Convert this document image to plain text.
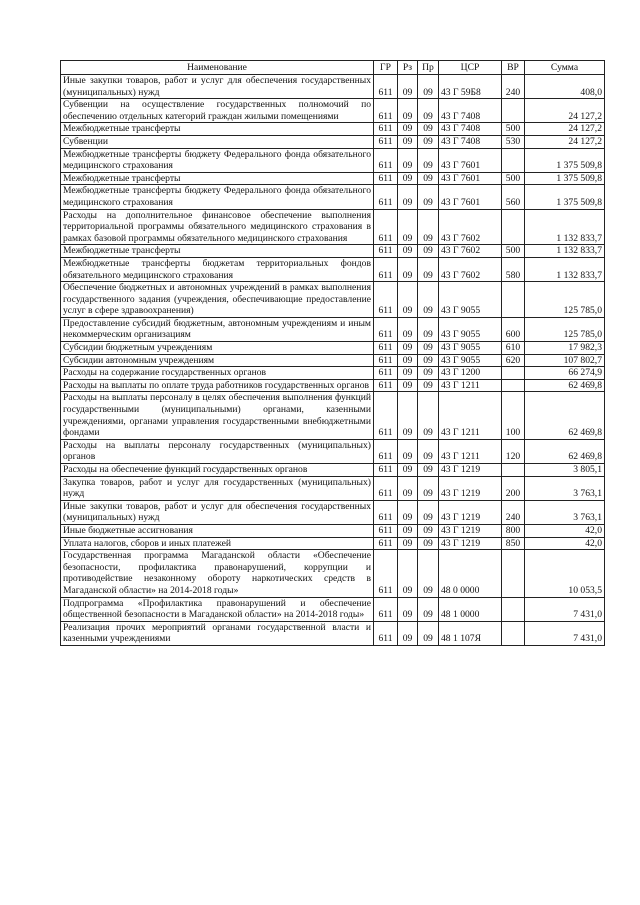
Наименование	ГР	Рз	Пр	ЦСР	ВР	Сумма
Иные закупки товаров, работ и услуг для обеспечения государственных (муниципальных) нужд	611	09	09	43 Г 59Б8	240	408,0
Субвенции на осуществление государственных полномочий по обеспечению отдельных категорий граждан жилыми помещениями	611	09	09	43 Г 7408		24 127,2
Межбюджетные трансферты	611	09	09	43 Г 7408	500	24 127,2
Субвенции	611	09	09	43 Г 7408	530	24 127,2
Межбюджетные трансферты бюджету Федерального фонда обязательного медицинского страхования	611	09	09	43 Г 7601		1 375 509,8
Межбюджетные трансферты	611	09	09	43 Г 7601	500	1 375 509,8
Межбюджетные трансферты бюджету Федерального фонда обязательного медицинского страхования	611	09	09	43 Г 7601	560	1 375 509,8
Расходы на дополнительное финансовое обеспечение выполнения территориальной программы обязательного медицинского страхования в рамках базовой программы обязательного медицинского страхования	611	09	09	43 Г 7602		1 132 833,7
Межбюджетные трансферты	611	09	09	43 Г 7602	500	1 132 833,7
Межбюджетные трансферты бюджетам территориальных фондов обязательного медицинского страхования	611	09	09	43 Г 7602	580	1 132 833,7
Обеспечение бюджетных и автономных учреждений в рамках выполнения государственного задания (учреждения, обеспечивающие предоставление услуг в сфере здравоохранения)	611	09	09	43 Г 9055		125 785,0
Предоставление субсидий бюджетным, автономным учреждениям и иным некоммерческим организациям	611	09	09	43 Г 9055	600	125 785,0
Субсидии бюджетным учреждениям	611	09	09	43 Г 9055	610	17 982,3
Субсидии автономным учреждениям	611	09	09	43 Г 9055	620	107 802,7
Расходы на содержание государственных органов	611	09	09	43 Г 1200		66 274,9
Расходы на выплаты по оплате труда работников государственных органов	611	09	09	43 Г 1211		62 469,8
Расходы на выплаты персоналу в целях обеспечения выполнения функций государственными (муниципальными) органами, казенными учреждениями, органами управления государственными внебюджетными фондами	611	09	09	43 Г 1211	100	62 469,8
Расходы на выплаты персоналу государственных (муниципальных) органов	611	09	09	43 Г 1211	120	62 469,8
Расходы на обеспечение функций государственных органов	611	09	09	43 Г 1219		3 805,1
Закупка товаров, работ и услуг для государственных (муниципальных) нужд	611	09	09	43 Г 1219	200	3 763,1
Иные закупки товаров, работ и услуг для обеспечения государственных (муниципальных) нужд	611	09	09	43 Г 1219	240	3 763,1
Иные бюджетные ассигнования	611	09	09	43 Г 1219	800	42,0
Уплата налогов, сборов и иных платежей	611	09	09	43 Г 1219	850	42,0
Государственная программа Магаданской области «Обеспечение безопасности, профилактика правонарушений, коррупции и противодействие незаконному обороту наркотических средств в Магаданской области» на 2014-2018 годы»	611	09	09	48 0 0000		10 053,5
Подпрограмма «Профилактика правонарушений и обеспечение общественной безопасности в Магаданской области» на 2014-2018 годы»	611	09	09	48 1 0000		7 431,0
Реализация прочих мероприятий органами государственной власти и казенными учреждениями	611	09	09	48 1 107Я		7 431,0
